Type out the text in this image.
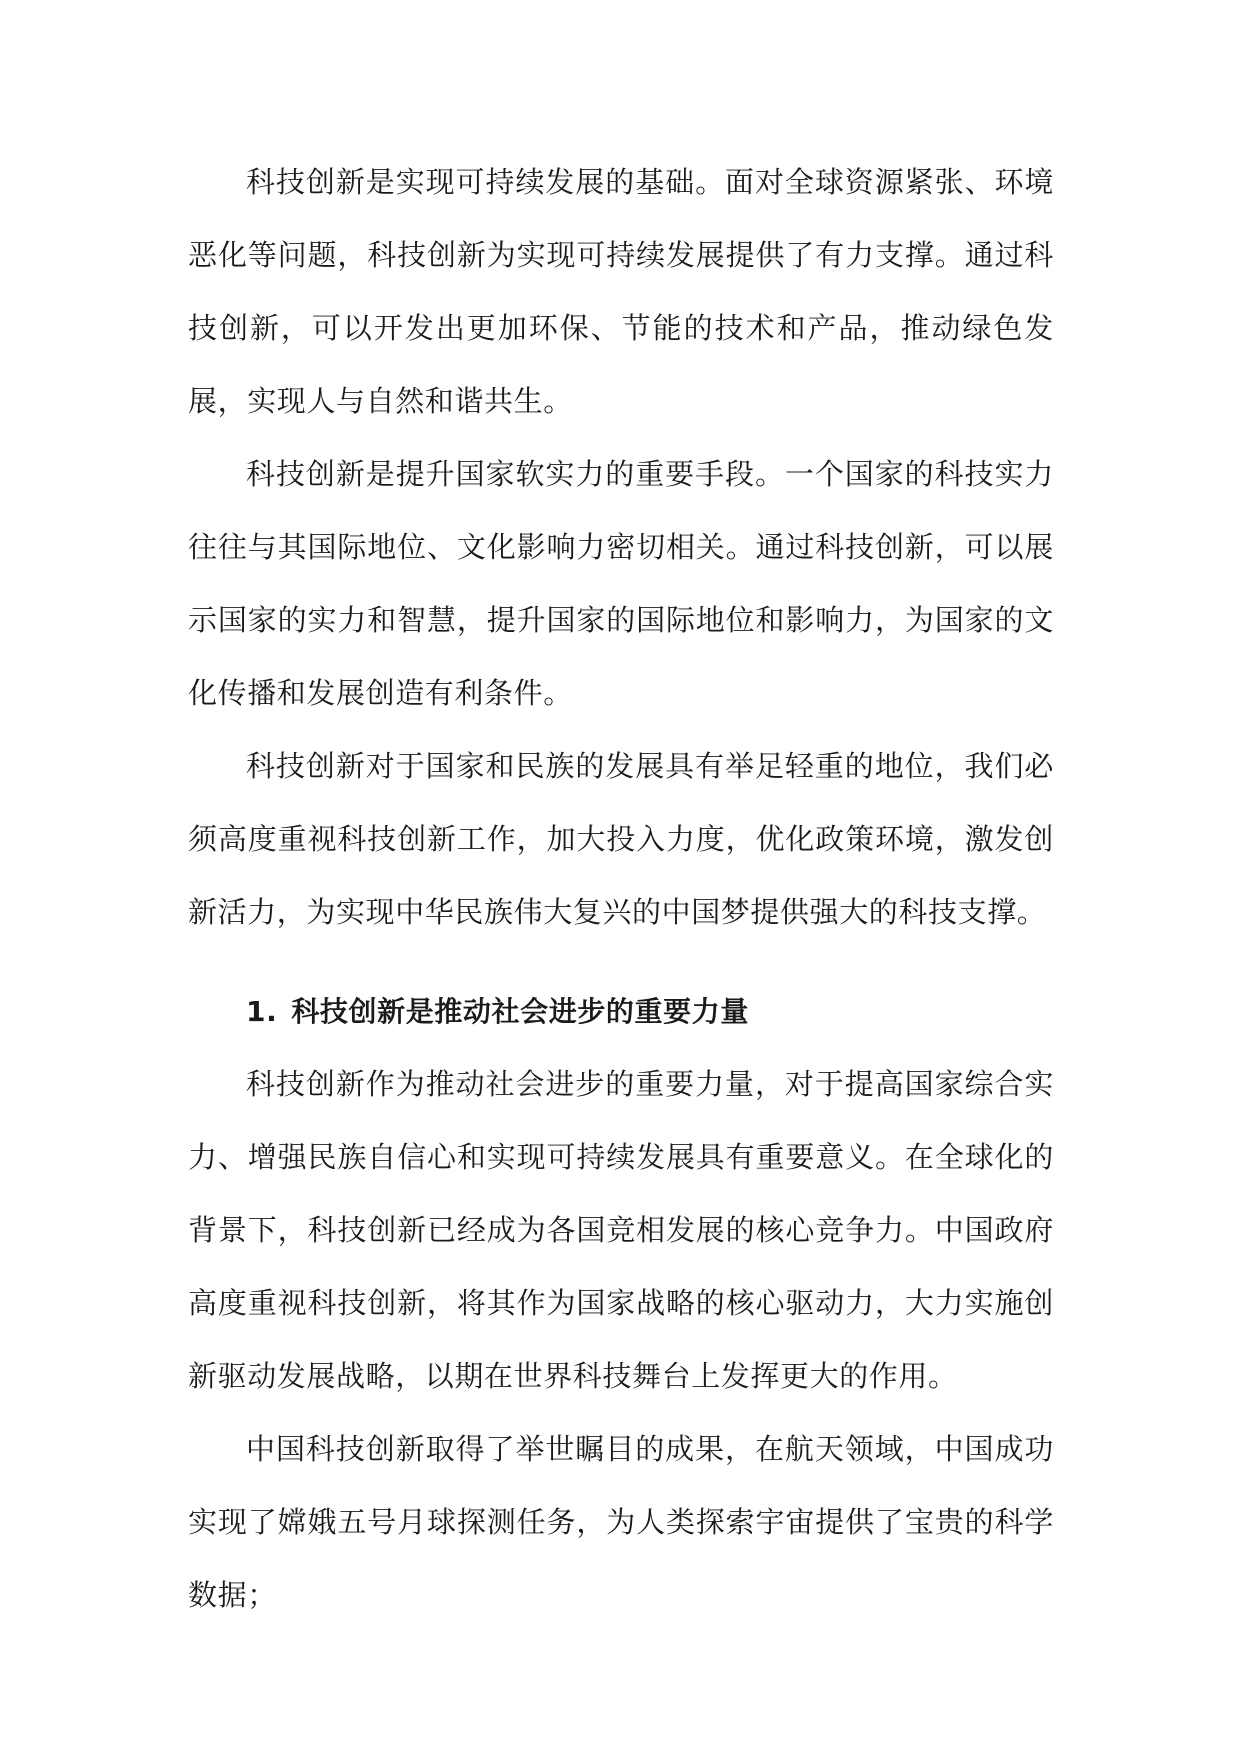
科技创新是实现可持续发展的基础。面对全球资源紧张、环境恶化等问题，科技创新为实现可持续发展提供了有力支撑。通过科技创新，可以开发出更加环保、节能的技术和产品，推动绿色发展，实现人与自然和谐共生。

科技创新是提升国家软实力的重要手段。一个国家的科技实力往往与其国际地位、文化影响力密切相关。通过科技创新，可以展示国家的实力和智慧，提升国家的国际地位和影响力，为国家的文化传播和发展创造有利条件。

科技创新对于国家和民族的发展具有举足轻重的地位，我们必须高度重视科技创新工作，加大投入力度，优化政策环境，激发创新活力，为实现中华民族伟大复兴的中国梦提供强大的科技支撑。

1. 科技创新是推动社会进步的重要力量

科技创新作为推动社会进步的重要力量，对于提高国家综合实力、增强民族自信心和实现可持续发展具有重要意义。在全球化的背景下，科技创新已经成为各国竞相发展的核心竞争力。中国政府高度重视科技创新，将其作为国家战略的核心驱动力，大力实施创新驱动发展战略，以期在世界科技舞台上发挥更大的作用。

中国科技创新取得了举世瞩目的成果，在航天领域，中国成功实现了嫦娥五号月球探测任务，为人类探索宇宙提供了宝贵的科学数据；
